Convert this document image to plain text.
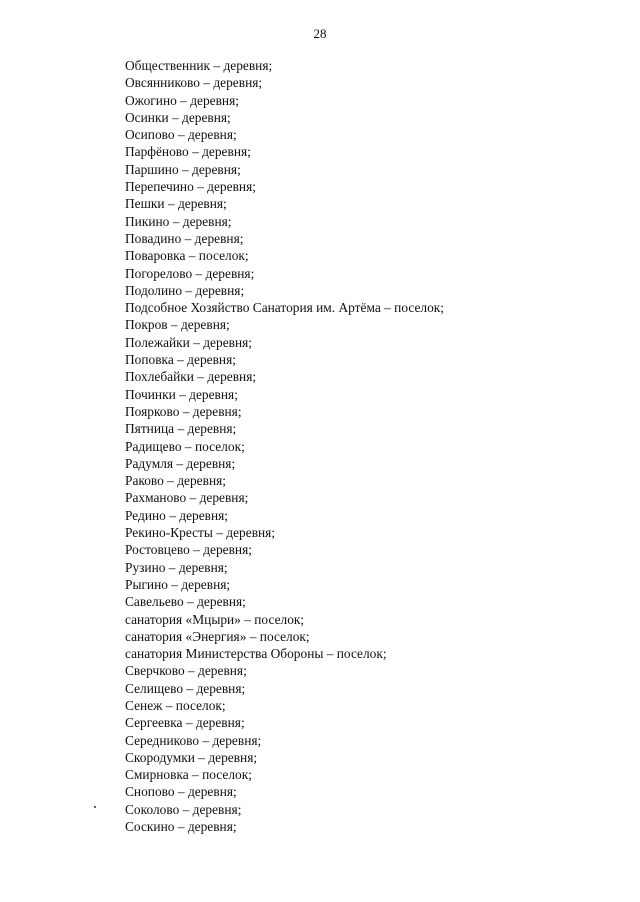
28
Общественник – деревня;
Овсянниково – деревня;
Ожогино – деревня;
Осинки – деревня;
Осипово – деревня;
Парфёново – деревня;
Паршино – деревня;
Перепечино – деревня;
Пешки – деревня;
Пикино – деревня;
Повадино – деревня;
Поваровка – поселок;
Погорелово – деревня;
Подолино – деревня;
Подсобное Хозяйство Санатория им. Артёма – поселок;
Покров – деревня;
Полежайки – деревня;
Поповка – деревня;
Похлебайки – деревня;
Починки – деревня;
Поярково – деревня;
Пятница – деревня;
Радищево – поселок;
Радумля – деревня;
Раково – деревня;
Рахманово – деревня;
Редино – деревня;
Рекино-Кресты – деревня;
Ростовцево – деревня;
Рузино – деревня;
Рыгино – деревня;
Савельево – деревня;
санатория «Мцыри» – поселок;
санатория «Энергия» – поселок;
санатория Министерства Обороны – поселок;
Сверчково – деревня;
Селищево – деревня;
Сенеж – поселок;
Сергеевка – деревня;
Середниково – деревня;
Скородумки – деревня;
Смирновка – поселок;
Снопово – деревня;
Соколово – деревня;
Соскино – деревня;
